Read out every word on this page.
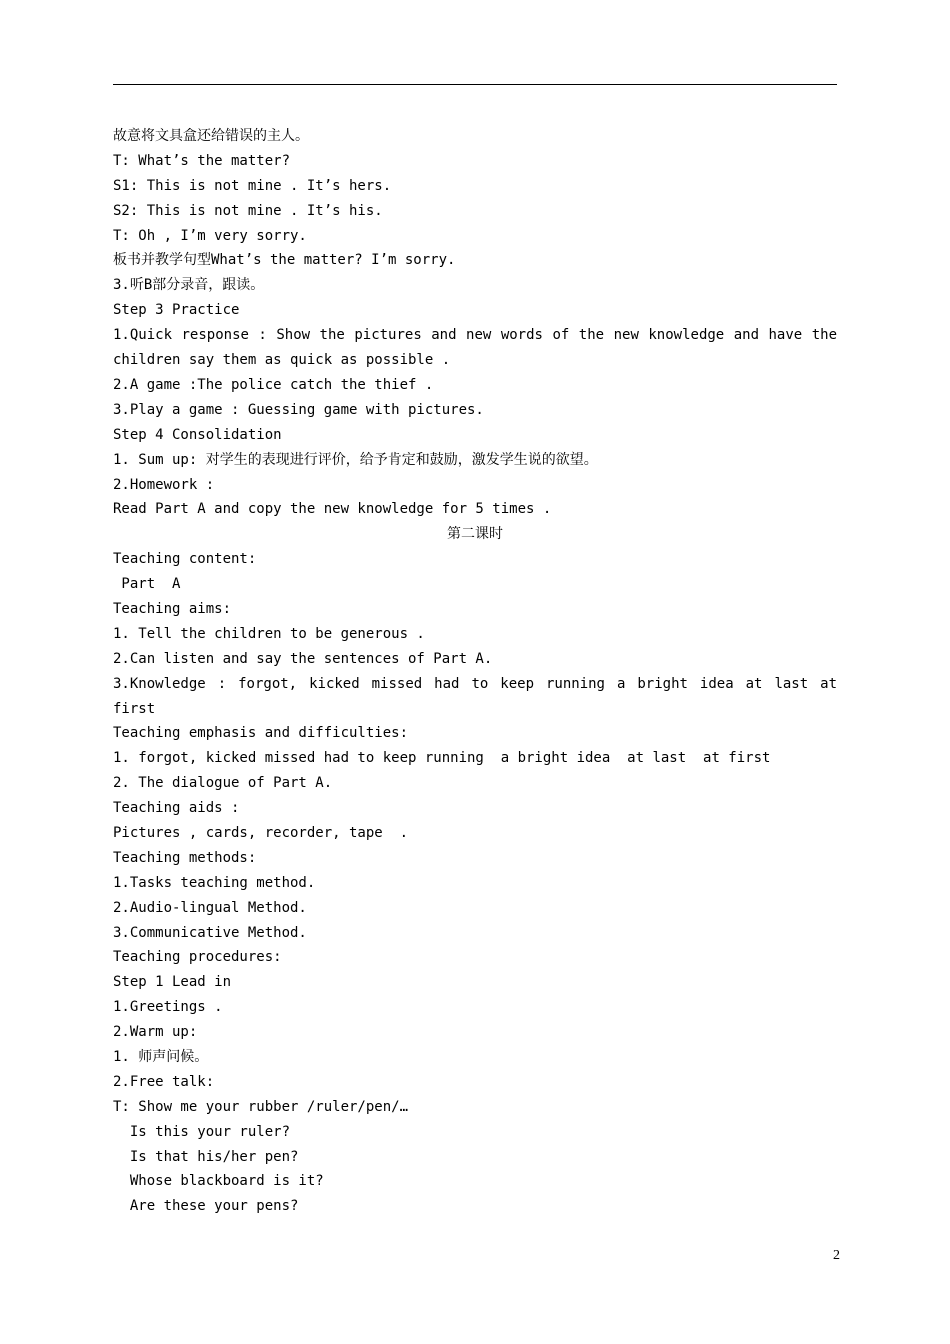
故意将文具盒还给错误的主人。
T: What’s the matter?
S1: This is not mine . It’s hers.
S2: This is not mine . It’s his.
T: Oh , I’m very sorry.
板书并教学句型What’s the matter? I’m sorry.
3.听B部分录音，跟读。
Step 3 Practice
1.Quick response : Show the pictures and new words of the new knowledge and have the children say them as quick as possible .
2.A game :The police catch the thief .
3.Play a game : Guessing game with pictures.
Step 4 Consolidation
1. Sum up: 对学生的表现进行评价，给予肯定和鼓励，激发学生说的欲望。
2.Homework :
Read Part A and copy the new knowledge for 5 times .
第二课时
Teaching content:
Part  A
Teaching aims:
1. Tell the children to be generous .
2.Can listen and say the sentences of Part A.
3.Knowledge : forgot, kicked missed had to keep running a bright idea at last at first
Teaching emphasis and difficulties:
1. forgot, kicked missed had to keep running  a bright idea  at last  at first
2. The dialogue of Part A.
Teaching aids :
Pictures , cards, recorder, tape  .
Teaching methods:
1.Tasks teaching method.
2.Audio-lingual Method.
3.Communicative Method.
Teaching procedures:
Step 1 Lead in
1.Greetings .
2.Warm up:
1. 师声问候。
2.Free talk:
T: Show me your rubber /ruler/pen/…
Is this your ruler?
Is that his/her pen?
Whose blackboard is it?
Are these your pens?
2
